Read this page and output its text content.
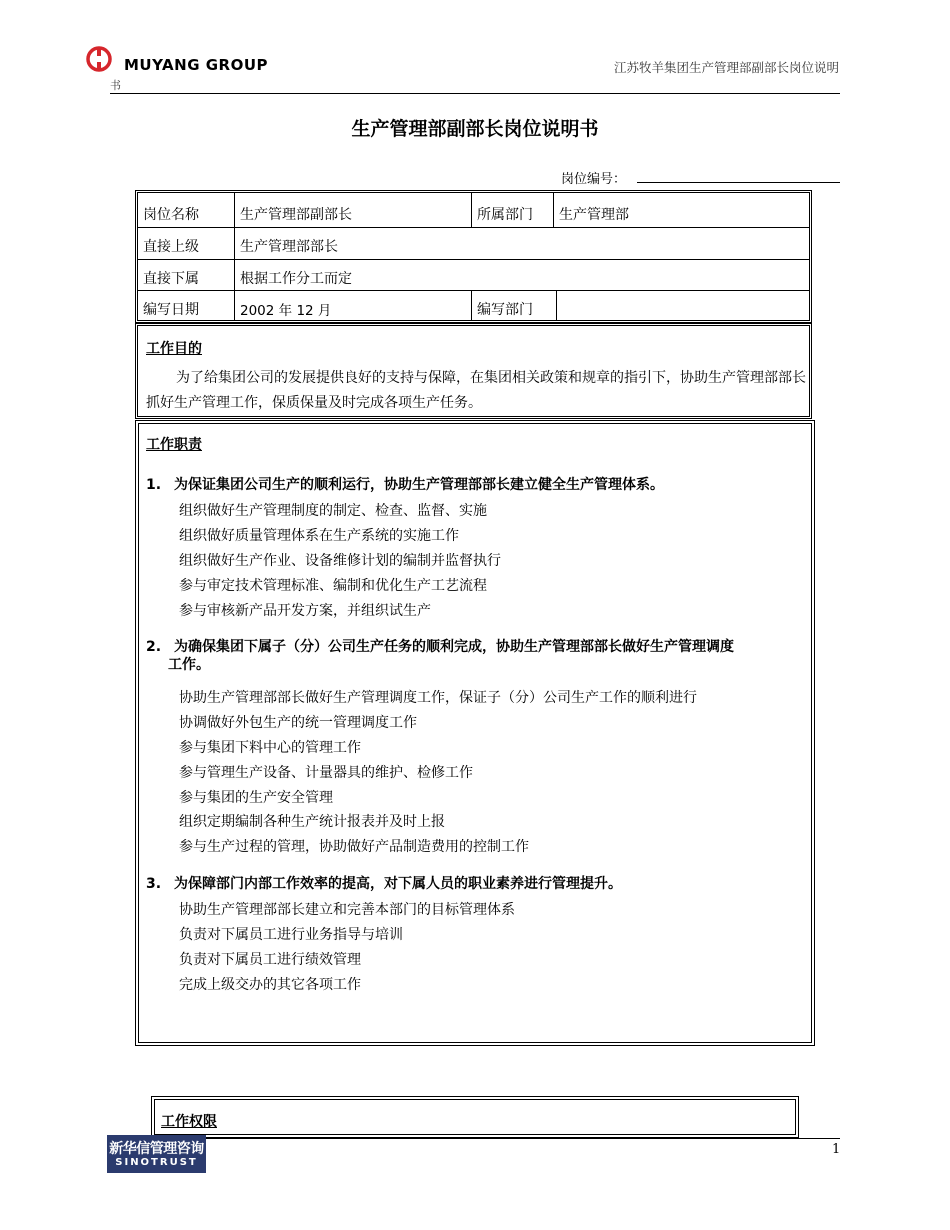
MUYANG GROUP
书
江苏牧羊集团生产管理部副部长岗位说明
生产管理部副部长岗位说明书
岗位编号：
岗位名称	生产管理部副部长	所属部门 生产管理部
直接上级	生产管理部部长
直接下属	根据工作分工而定
编写日期	2002 年 12 月	编写部门
工作目的
为了给集团公司的发展提供良好的支持与保障，在集团相关政策和规章的指引下，协助生产管理部部长抓好生产管理工作，保质保量及时完成各项生产任务。
工作职责
1. 为保证集团公司生产的顺利运行，协助生产管理部部长建立健全生产管理体系。
组织做好生产管理制度的制定、检查、监督、实施
组织做好质量管理体系在生产系统的实施工作
组织做好生产作业、设备维修计划的编制并监督执行
参与审定技术管理标准、编制和优化生产工艺流程
参与审核新产品开发方案，并组织试生产
2. 为确保集团下属子（分）公司生产任务的顺利完成，协助生产管理部部长做好生产管理调度
工作。
协助生产管理部部长做好生产管理调度工作，保证子（分）公司生产工作的顺利进行
协调做好外包生产的统一管理调度工作
参与集团下料中心的管理工作
参与管理生产设备、计量器具的维护、检修工作
参与集团的生产安全管理
组织定期编制各种生产统计报表并及时上报
参与生产过程的管理，协助做好产品制造费用的控制工作
3. 为保障部门内部工作效率的提高，对下属人员的职业素养进行管理提升。
协助生产管理部部长建立和完善本部门的目标管理体系
负责对下属员工进行业务指导与培训
负责对下属员工进行绩效管理
完成上级交办的其它各项工作
工作权限
新华信管理咨询
SINOTRUST
1
